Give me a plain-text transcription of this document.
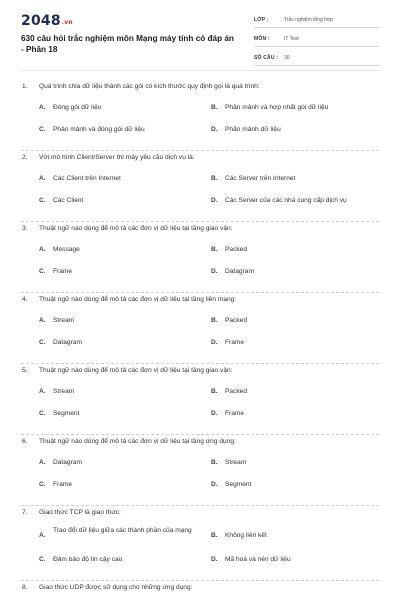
2048.vn
630 câu hỏi trắc nghiệm môn Mạng máy tính có đáp án - Phần 18
LỚP :	Trắc nghiệm tổng hợp
MÔN :	IT Test
SỐ CÂU : 30
1. Quá trình chia dữ liệu thành các gói có kích thước quy định gọi là quá trình:
A. Đóng gói dữ liệu	B. Phân mảnh và hợp nhất gói dữ liệu
C. Phân mảnh và đóng gói dữ liệu	D. Phân mảnh dữ liệu
2. Với mô hình Client/Server thì máy yêu cầu dịch vụ là:
A. Các Client trên Internet	B. Các Server trên Internet
C. Các Client	D. Các Server của các nhà cung cấp dịch vụ
3. Thuật ngữ nào dùng để mô tả các đơn vị dữ liệu tại tầng giao vận:
A. Message	B. Packed
C. Frame	D. Datagram
4. Thuật ngữ nào dùng để mô tả các đơn vị dữ liệu tại tầng liên mạng:
A. Stream	B. Packed
C. Datagram	D. Frame
5. Thuật ngữ nào dùng để mô tả các đơn vị dữ liệu tại tầng giao vận:
A. Stream	B. Packed
C. Segment	D. Frame
6. Thuật ngữ nào dùng để mô tả các đơn vị dữ liệu tại tầng ứng dụng:
A. Datagram	B. Stream
C. Frame	D. Segment
7. Giao thức TCP là giao thức:
A.
Trao đổi dữ liệu giữa các thành phần của mạng
B. Không liên kết
C. Đảm bảo độ tin cậy cao	D. Mã hoá và nén dữ liệu
8. Giao thức UDP được sử dụng cho những ứng dụng:
